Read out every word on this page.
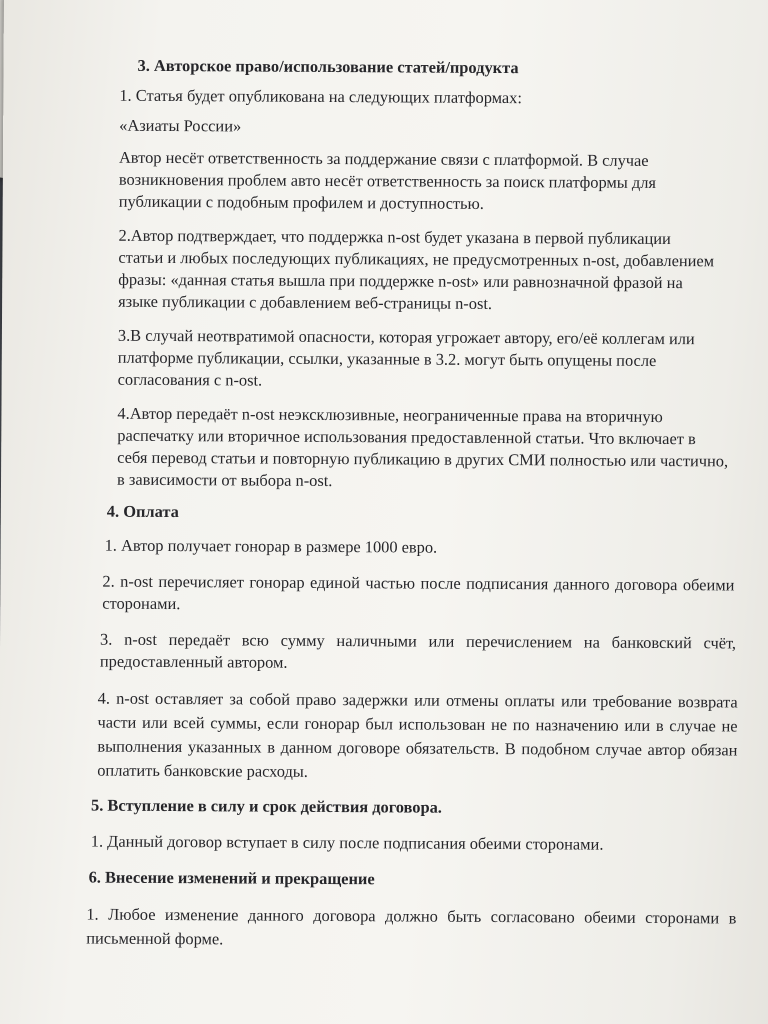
3. Авторское право/использование статей/продукта

1. Статья будет опубликована на следующих платформах:

«Азиаты России»

Автор несёт ответственность за поддержание связи с платформой. В случае возникновения проблем авто несёт ответственность за поиск платформы для публикации с подобным профилем и доступностью.

2.Автор подтверждает, что поддержка n-ost будет указана в первой публикации статьи и любых последующих публикациях, не предусмотренных n-ost, добавлением фразы: «данная статья вышла при поддержке n-ost» или равнозначной фразой на языке публикации с добавлением веб-страницы n-ost.

3.В случай неотвратимой опасности, которая угрожает автору, его/её коллегам или платформе публикации, ссылки, указанные в 3.2. могут быть опущены после согласования с n-ost.

4.Автор передаёт n-ost неэксклюзивные, неограниченные права на вторичную распечатку или вторичное использования предоставленной статьи. Что включает в себя перевод статьи и повторную публикацию в других СМИ полностью или частично, в зависимости от выбора n-ost.

4. Оплата

1. Автор получает гонорар в размере 1000 евро.

2. n-ost перечисляет гонорар единой частью после подписания данного договора обеими сторонами.

3. n-ost передаёт всю сумму наличными или перечислением на банковский счёт, предоставленный автором.

4. n-ost оставляет за собой право задержки или отмены оплаты или требование возврата части или всей суммы, если гонорар был использован не по назначению или в случае не выполнения указанных в данном договоре обязательств. В подобном случае автор обязан оплатить банковские расходы.

5. Вступление в силу и срок действия договора.

1. Данный договор вступает в силу после подписания обеими сторонами.

6. Внесение изменений и прекращение

1. Любое изменение данного договора должно быть согласовано обеими сторонами в письменной форме.
